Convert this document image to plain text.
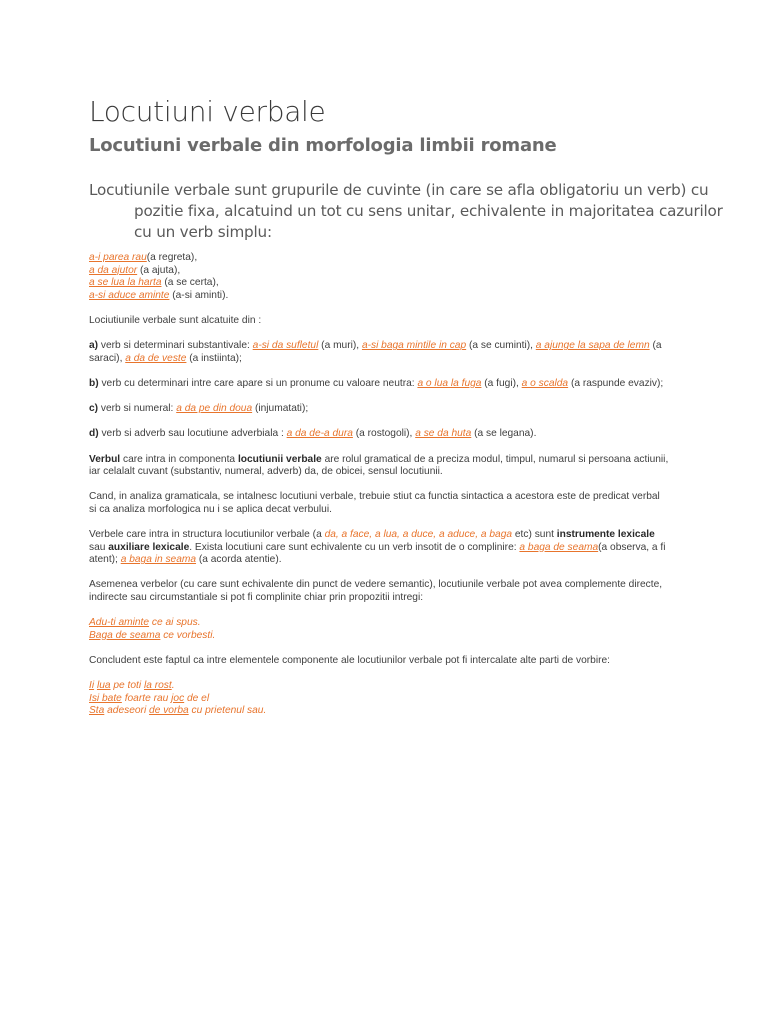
Locutiuni verbale
Locutiuni verbale din morfologia limbii romane

Locutiunile verbale sunt grupurile de cuvinte (in care se afla obligatoriu un verb) cu pozitie fixa, alcatuind un tot cu sens unitar, echivalente in majoritatea cazurilor cu un verb simplu:

a-i parea rau(a regreta),
a da ajutor (a ajuta),
a se lua la harta (a se certa),
a-si aduce aminte (a-si aminti).

Lociutiunile verbale sunt alcatuite din :

a) verb si determinari substantivale: a-si da sufletul (a muri), a-si baga mintile in cap (a se cuminti), a ajunge la sapa de lemn (a saraci), a da de veste (a instiinta);

b) verb cu determinari intre care apare si un pronume cu valoare neutra: a o lua la fuga (a fugi), a o scalda (a raspunde evaziv);

c) verb si numeral: a da pe din doua (injumatati);

d) verb si adverb sau locutiune adverbiala : a da de-a dura (a rostogoli), a se da huta (a se legana).

Verbul care intra in componenta locutiunii verbale are rolul gramatical de a preciza modul, timpul, numarul si persoana actiunii, iar celalalt cuvant (substantiv, numeral, adverb) da, de obicei, sensul locutiunii.

Cand, in analiza gramaticala, se intalnesc locutiuni verbale, trebuie stiut ca functia sintactica a acestora este de predicat verbal si ca analiza morfologica nu i se aplica decat verbului.

Verbele care intra in structura locutiunilor verbale (a da, a face, a lua, a duce, a aduce, a baga etc) sunt instrumente lexicale sau auxiliare lexicale. Exista locutiuni care sunt echivalente cu un verb insotit de o complinire: a baga de seama(a observa, a fi atent); a baga in seama (a acorda atentie).

Asemenea verbelor (cu care sunt echivalente din punct de vedere semantic), locutiunile verbale pot avea complemente directe, indirecte sau circumstantiale si pot fi complinite chiar prin propozitii intregi:

Adu-ti aminte ce ai spus.
Baga de seama ce vorbesti.

Concludent este faptul ca intre elementele componente ale locutiunilor verbale pot fi intercalate alte parti de vorbire:

Ii lua pe toti la rost.
Isi bate foarte rau joc de el
Sta adeseori de vorba cu prietenul sau.
